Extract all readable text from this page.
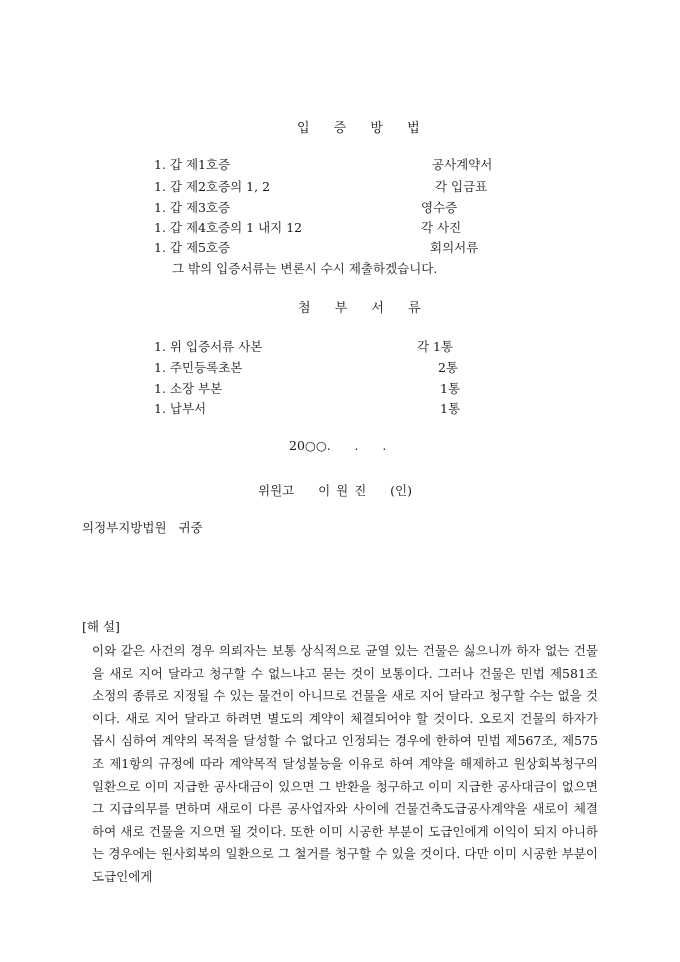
입 증 방 법
1. 갑 제1호증	공사계약서
1. 갑 제2호증의 1, 2	각 입금표
1. 갑 제3호증	영수증
1. 갑 제4호증의 1 내지 12	각 사진
1. 갑 제5호증	회의서류
그 밖의 입증서류는 변론시 수시 제출하겠습니다.
첨 부 서 류
1. 위 입증서류 사본	각 1통
1. 주민등록초본	2통
1. 소장 부본	1통
1. 납부서	1통
20○○.      .      .
위원고    이 원 진    (인)
의정부지방법원   귀중
[해 설]
이와 같은 사건의 경우 의뢰자는 보통 상식적으로 균열 있는 건물은 싫으니까 하자 없는 건물을 새로 지어 달라고 청구할 수 없느냐고 묻는 것이 보통이다. 그러나 건물은 민법 제581조 소정의 종류로 지정될 수 있는 물건이 아니므로 건물을 새로 지어 달라고 청구할 수는 없을 것이다. 새로 지어 달라고 하려면 별도의 계약이 체결되어야 할 것이다. 오로지 건물의 하자가 몹시 심하여 계약의 목적을 달성할 수 없다고 인정되는 경우에 한하여 민법 제567조, 제575조 제1항의 규정에 따라 계약목적 달성불능을 이유로 하여 계약을 해제하고 원상회복청구의 일환으로 이미 지급한 공사대금이 있으면 그 반환을 청구하고 이미 지급한 공사대금이 없으면 그 지급의무를 면하며 새로이 다른 공사업자와 사이에 건물건축도급공사계약을 새로이 체결하여 새로 건물을 지으면 될 것이다. 또한 이미 시공한 부분이 도급인에게 이익이 되지 아니하는 경우에는 원사회복의 일환으로 그 철거를 청구할 수 있을 것이다. 다만 이미 시공한 부분이 도급인에게
